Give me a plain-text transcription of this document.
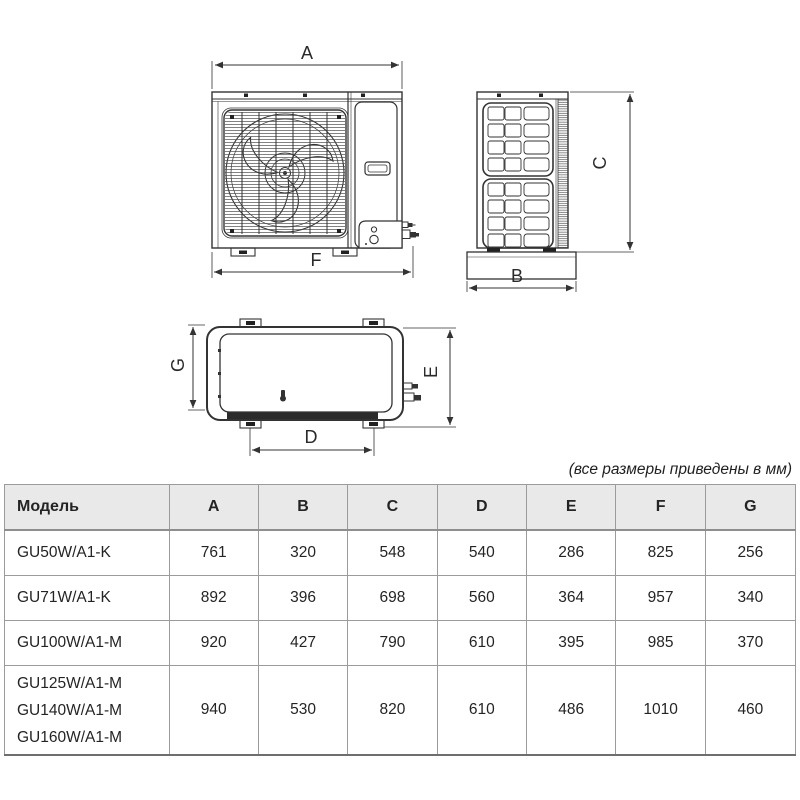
A
F
B
C
G	E
D
(все размеры приведены в мм)
Модель	A	B	C	D	E	F	G
GU50W/A1-K	761	320	548	540	286	825	256
GU71W/A1-K	892	396	698	560	364	957	340
GU100W/A1-M	920	427	790	610	395	985	370

GU125W/A1-M
GU140W/A1-M
GU160W/A1-M	940	530	820	610	486	1010	460
